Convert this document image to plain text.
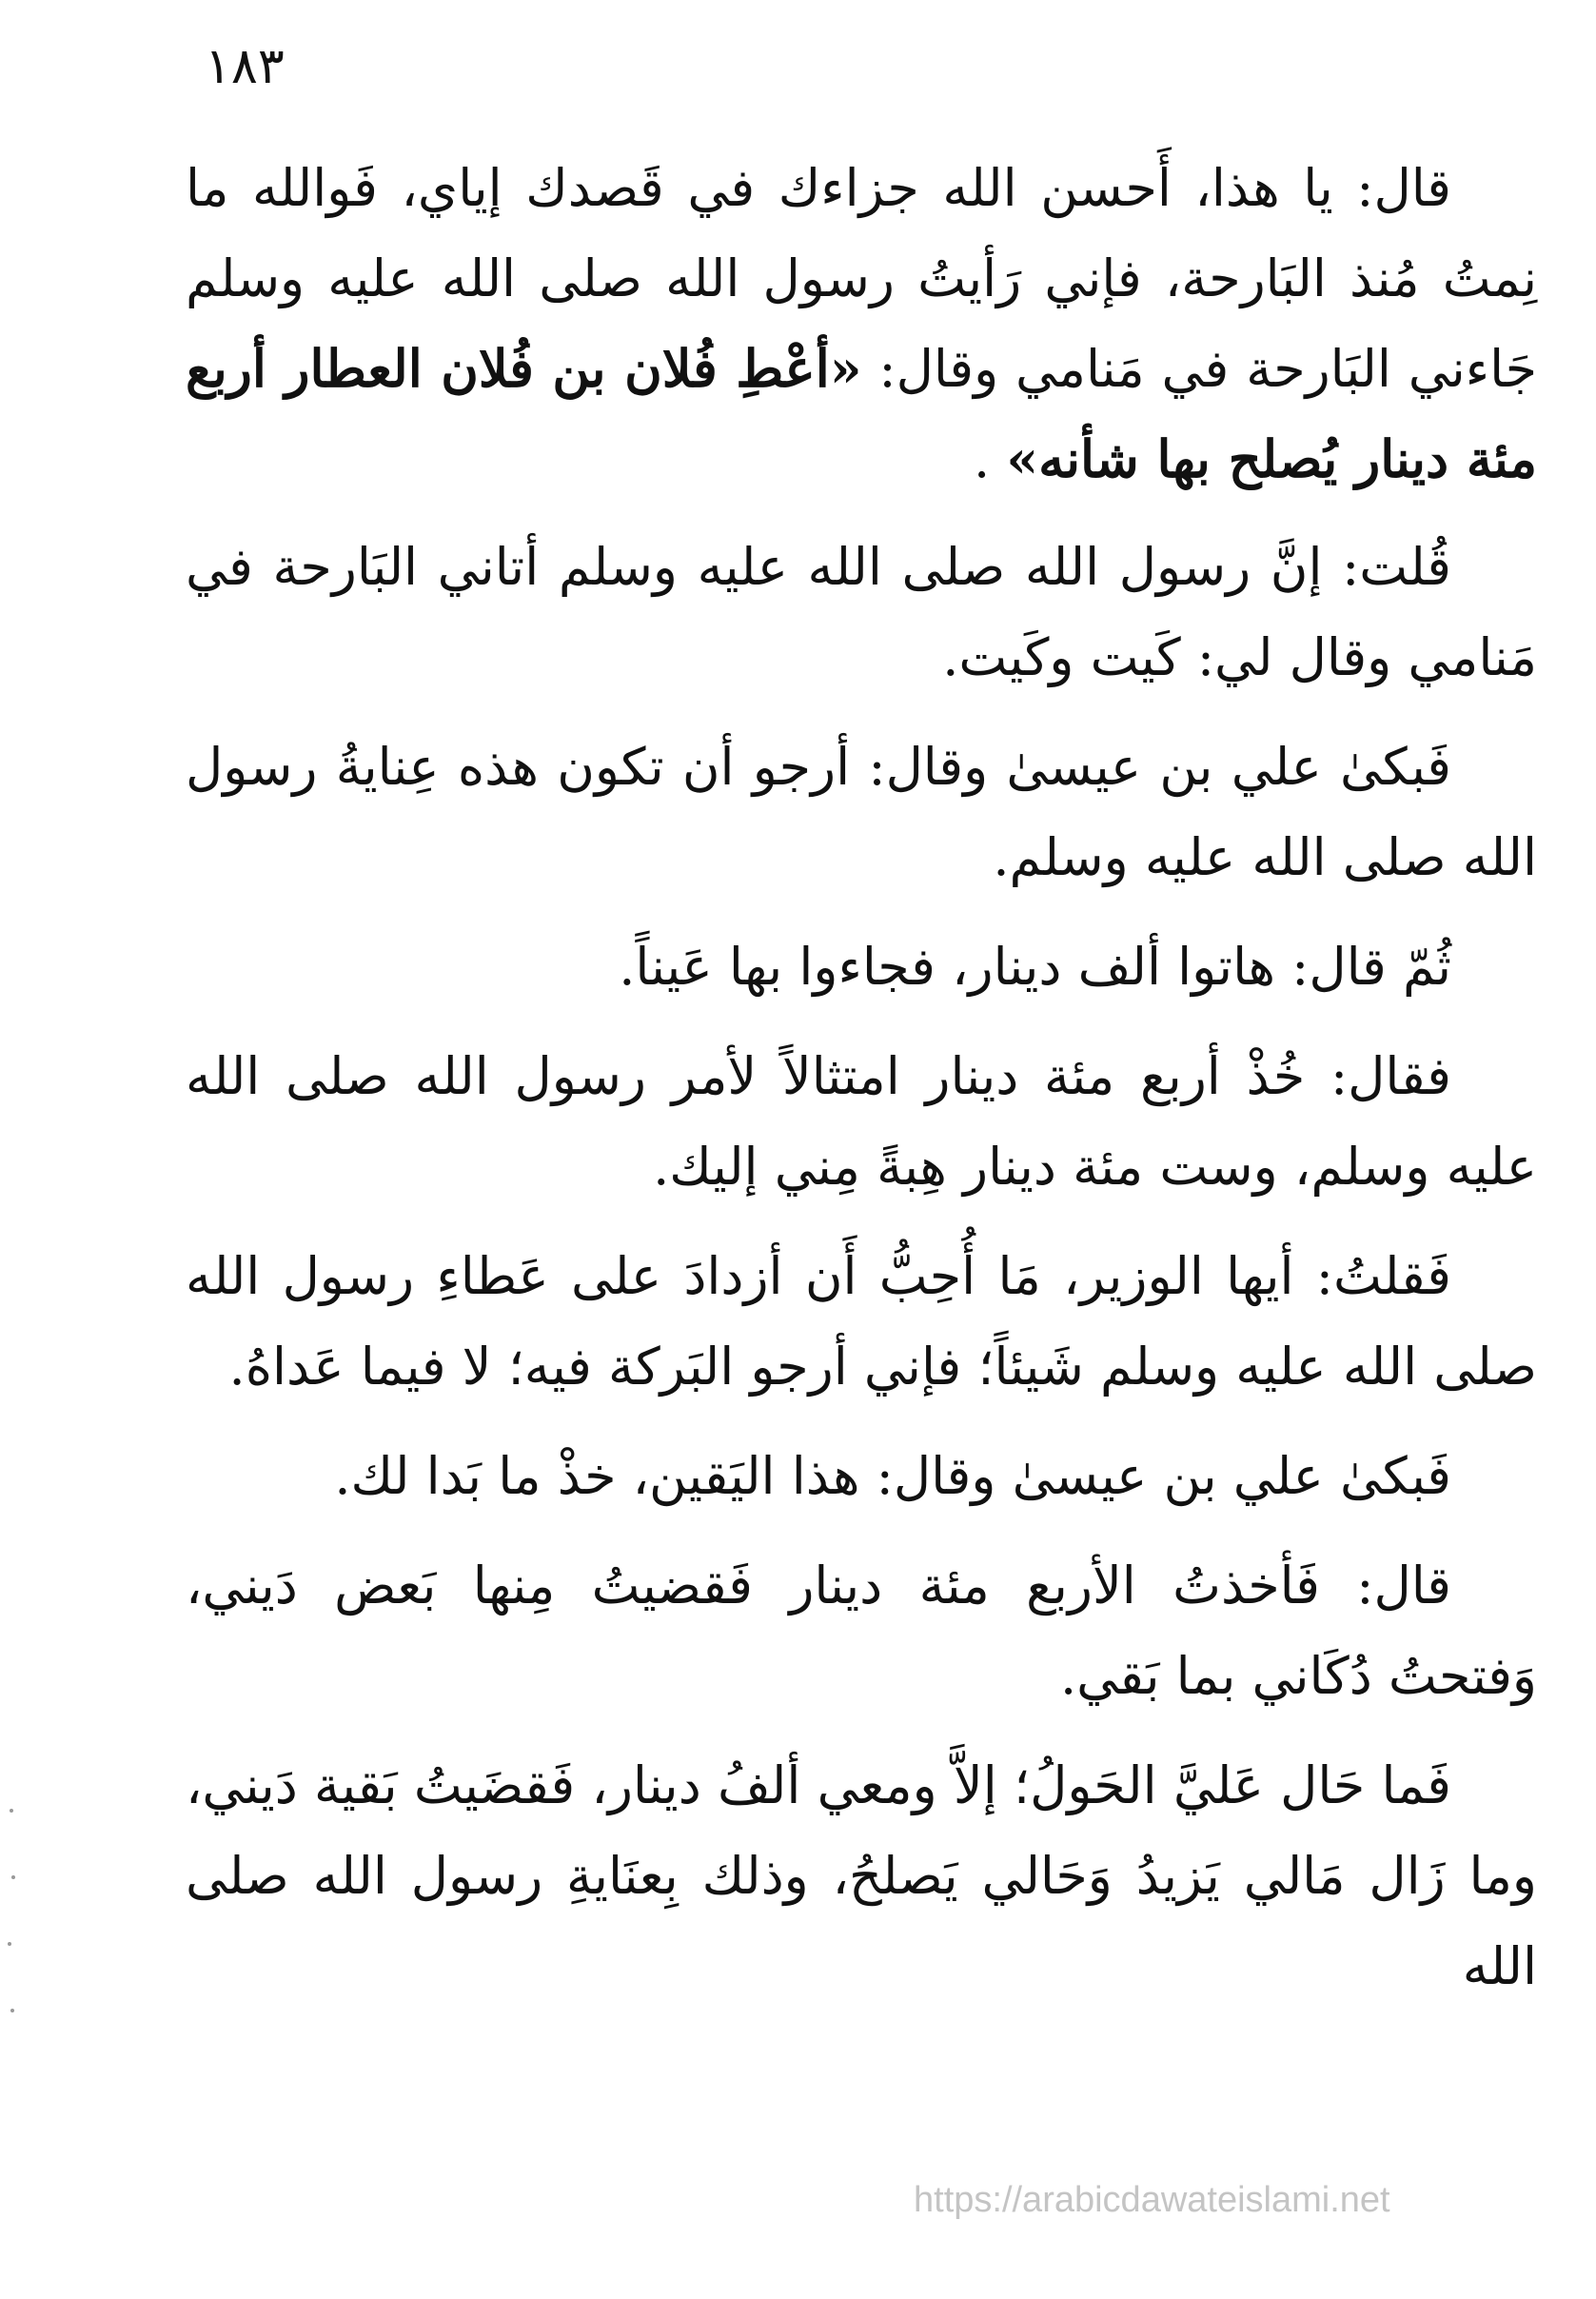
١٨٣

قال: يا هذا، أَحسن الله جزاءك في قَصدك إياي، فَوالله ما نِمتُ مُنذ البَارحة، فإني رَأيتُ رسول الله صلى الله عليه وسلم جَاءني البَارحة في مَنامي وقال: «أعْطِ فُلان بن فُلان العطار أربع مئة دينار يُصلح بها شأنه» .

قُلت: إنَّ رسول الله صلى الله عليه وسلم أتاني البَارحة في مَنامي وقال لي: كَيت وكَيت.

فَبكىٰ علي بن عيسىٰ وقال: أرجو أن تكون هذه عِنايةُ رسول الله صلى الله عليه وسلم.

ثُمّ قال: هاتوا ألف دينار، فجاءوا بها عَيناً.

فقال: خُذْ أربع مئة دينار امتثالاً لأمر رسول الله صلى الله عليه وسلم، وست مئة دينار هِبةً مِني إليك.

فَقلتُ: أيها الوزير، مَا أُحِبُّ أَن أزدادَ على عَطاءِ رسول الله صلى الله عليه وسلم شَيئاً؛ فإني أرجو البَركة فيه؛ لا فيما عَداهُ.

فَبكىٰ علي بن عيسىٰ وقال: هذا اليَقين، خذْ ما بَدا لك.

قال: فَأخذتُ الأربع مئة دينار فَقضيتُ مِنها بَعض دَيني، وَفتحتُ دُكَاني بما بَقي.

فَما حَال عَليَّ الحَولُ؛ إلاَّ ومعي ألفُ دينار، فَقضَيتُ بَقية دَيني، وما زَال مَالي يَزيدُ وَحَالي يَصلحُ، وذلك بِعنَايةِ رسول الله صلى الله

https://arabicdawateislami.net
